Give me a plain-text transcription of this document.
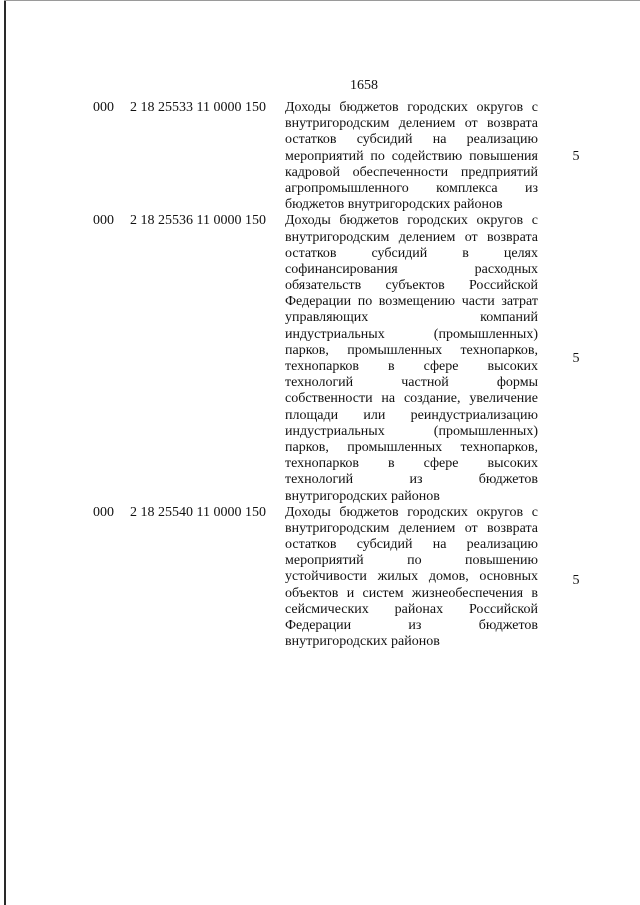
1658
000	2 18 25533 11 0000 150	Доходы бюджетов городских округов с
внутригородским делением от возврата
остатков субсидий на реализацию
мероприятий по содействию повышения
кадровой обеспеченности предприятий
агропромышленного комплекса из
бюджетов внутригородских районов
5
000	2 18 25536 11 0000 150	Доходы бюджетов городских округов с
внутригородским делением от возврата
остатков субсидий в целях
софинансирования расходных
обязательств субъектов Российской
Федерации по возмещению части затрат
управляющих компаний
индустриальных (промышленных)
парков, промышленных технопарков,
технопарков в сфере высоких
технологий частной формы
собственности на создание, увеличение
площади или реиндустриализацию
индустриальных (промышленных)
парков, промышленных технопарков,
технопарков в сфере высоких
технологий из бюджетов
внутригородских районов
5
000	2 18 25540 11 0000 150	Доходы бюджетов городских округов с
внутригородским делением от возврата
остатков субсидий на реализацию
мероприятий по повышению
устойчивости жилых домов, основных
объектов и систем жизнеобеспечения в
сейсмических районах Российской
Федерации из бюджетов
внутригородских районов
5
